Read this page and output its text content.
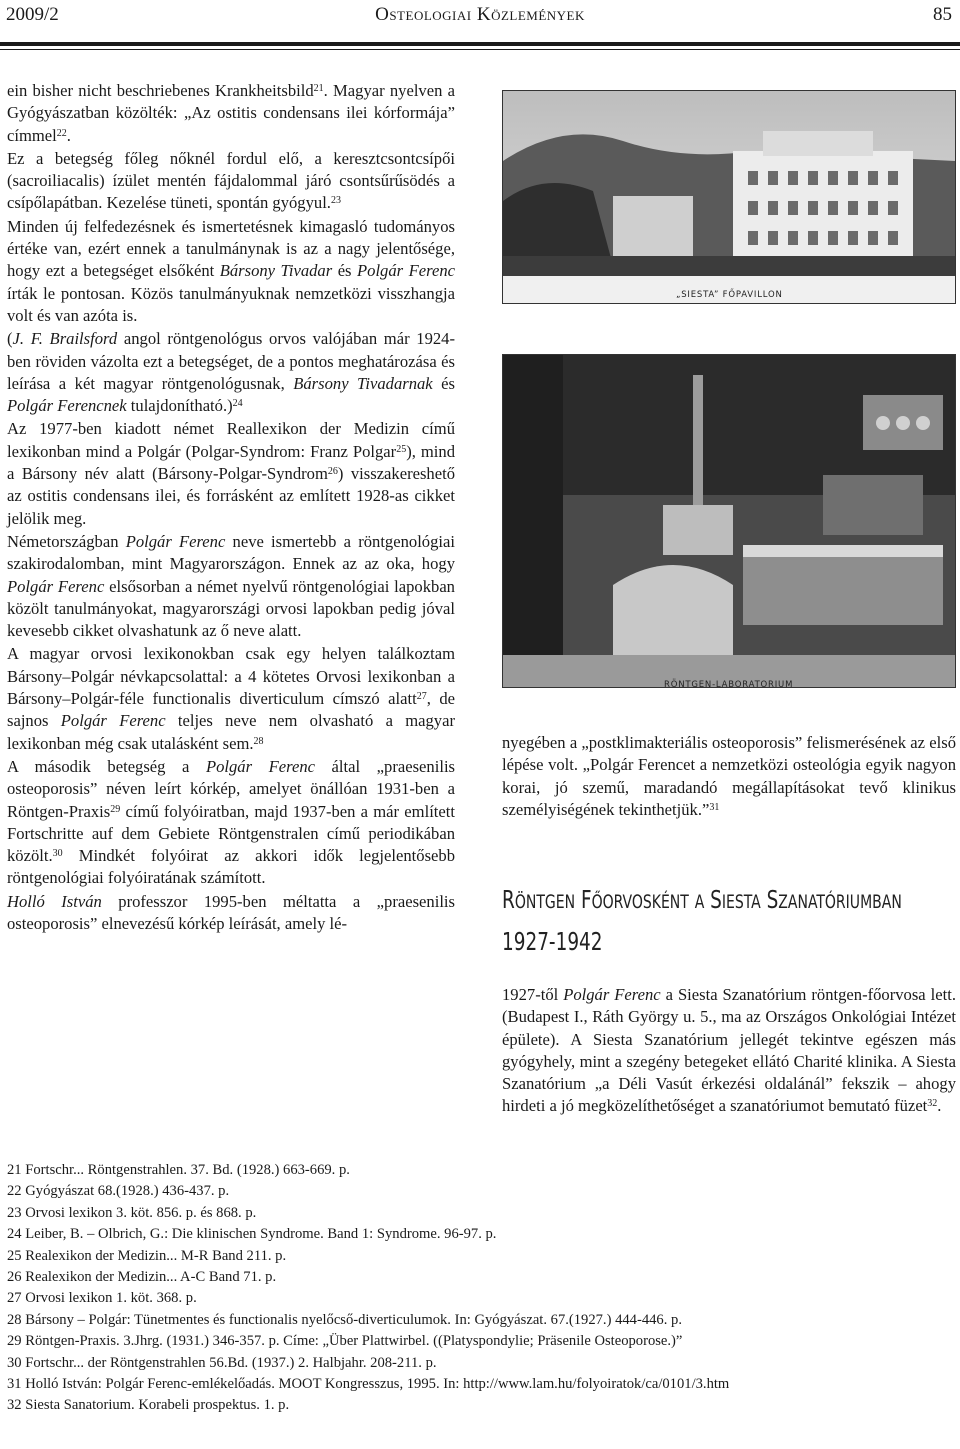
2009/2	Osteologiai Közlemények	85

ein bisher nicht beschriebenes Krankheitsbild$^{21}$. Magyar nyelven a Gyógyászatban közölték: „Az ostitis condensans ilei kórformája” címmel$^{22}$.

Ez a betegség főleg nőknél fordul elő, a keresztcsontcsípői (sacroiliacalis) ízület mentén fájdalommal járó csontsűrűsödés a csípőlapátban. Kezelése tüneti, spontán gyógyul.$^{23}$

Minden új felfedezésnek és ismertetésnek kimagasló tudományos értéke van, ezért ennek a tanulmánynak is az a nagy jelentősége, hogy ezt a betegséget elsőként Bársony Tivadar és Polgár Ferenc írták le pontosan. Közös tanulmányuknak nemzetközi visszhangja volt és van azóta is.

(J. F. Brailsford angol röntgenológus orvos valójában már 1924-ben röviden vázolta ezt a betegséget, de a pontos meghatározása és leírása a két magyar röntgenológusnak, Bársony Tivadarnak és Polgár Ferencnek tulajdonítható.)$^{24}$

Az 1977-ben kiadott német Reallexikon der Medizin című lexikonban mind a Polgár (Polgar-Syndrom: Franz Polgar$^{25}$), mind a Bársony név alatt (Bársony-Polgar-Syndrom$^{26}$) visszakereshető az ostitis condensans ilei, és forrásként az említett 1928-as cikket jelölik meg.

Németországban Polgár Ferenc neve ismertebb a röntgenológiai szakirodalomban, mint Magyarországon. Ennek az az oka, hogy Polgár Ferenc elsősorban a német nyelvű röntgenológiai lapokban közölt tanulmányokat, magyarországi orvosi lapokban pedig jóval kevesebb cikket olvashatunk az ő neve alatt.

A magyar orvosi lexikonokban csak egy helyen találkoztam Bársony–Polgár névkapcsolattal: a 4 kötetes Orvosi lexikonban a Bársony–Polgár-féle functionalis diverticulum címszó alatt$^{27}$, de sajnos Polgár Ferenc teljes neve nem olvasható a magyar lexikonban még csak utalásként sem.$^{28}$

A második betegség a Polgár Ferenc által „praesenilis osteoporosis” néven leírt kórkép, amelyet önállóan 1931-ben a Röntgen-Praxis$^{29}$ című folyóiratban, majd 1937-ben a már említett Fortschritte auf dem Gebiete Röntgenstralen című periodikában közölt.$^{30}$ Mindkét folyóirat az akkori idők legjelentősebb röntgenológiai folyóiratának számított.

Holló István professzor 1995-ben méltatta a „praesenilis osteoporosis” elnevezésű kórkép leírását, amely lé-

„SIESTA” FŐPAVILLON
RÖNTGEN-LABORATORIUM

nyegében a „postklimakteriális osteoporosis” felismerésének az első lépése volt. „Polgár Ferencet a nemzetközi osteológia egyik nagyon korai, jó szemű, maradandó megállapításokat tevő klinikus személyiségének tekinthetjük.”$^{31}$

RÖNTGEN FŐORVOSKÉNT A SIESTA SZANATÓRIUMBAN
1927-1942

1927-től Polgár Ferenc a Siesta Szanatórium röntgen-főorvosa lett. (Budapest I., Ráth György u. 5., ma az Országos Onkológiai Intézet épülete). A Siesta Szanatórium jellegét tekintve egészen más gyógyhely, mint a szegény betegeket ellátó Charité klinika. A Siesta Szanatórium „a Déli Vasút érkezési oldalánál” fekszik – ahogy hirdeti a jó megközelíthetőséget a szanatóriumot bemutató füzet$^{32}$.

21 Fortschr... Röntgenstrahlen. 37. Bd. (1928.) 663-669. p.
22 Gyógyászat 68.(1928.) 436-437. p.
23 Orvosi lexikon 3. köt. 856. p. és 868. p.
24 Leiber, B. – Olbrich, G.: Die klinischen Syndrome. Band 1: Syndrome. 96-97. p.
25 Realexikon der Medizin... M-R Band 211. p.
26 Realexikon der Medizin... A-C Band 71. p.
27 Orvosi lexikon 1. köt. 368. p.
28 Bársony – Polgár: Tünetmentes és functionalis nyelőcső-diverticulumok. In: Gyógyászat. 67.(1927.) 444-446. p.
29 Röntgen-Praxis. 3.Jhrg. (1931.) 346-357. p. Címe: „Über Plattwirbel. ((Platyspondylie; Präsenile Osteoporose.)”
30 Fortschr... der Röntgenstrahlen 56.Bd. (1937.) 2. Halbjahr. 208-211. p.
31 Holló István: Polgár Ferenc-emlékelőadás. MOOT Kongresszus, 1995. In: http://www.lam.hu/folyoiratok/ca/0101/3.htm
32 Siesta Sanatorium. Korabeli prospektus. 1. p.
